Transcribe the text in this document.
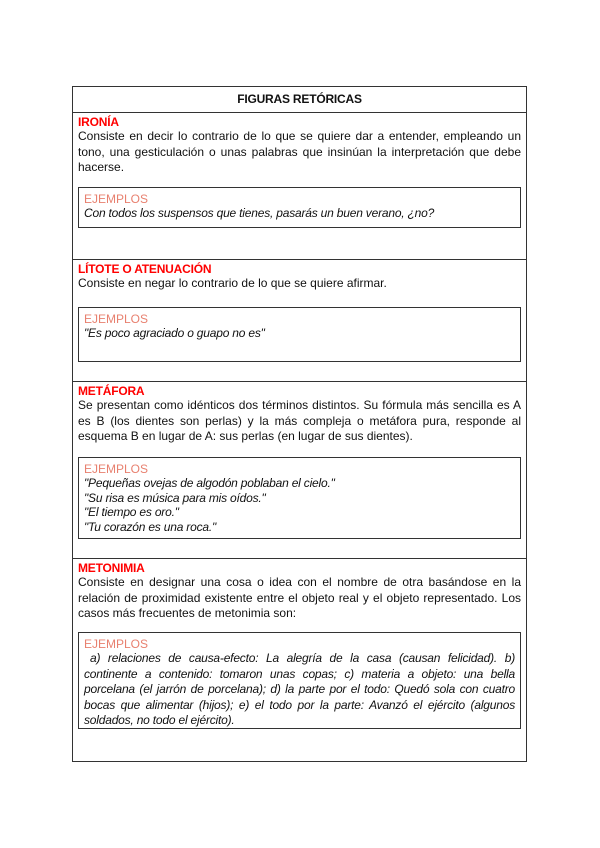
FIGURAS RETÓRICAS
IRONÍA

Consiste en decir lo contrario de lo que se quiere dar a entender, empleando un tono, una gesticulación o unas palabras que insinúan la interpretación que debe hacerse.

EJEMPLOS
Con todos los suspensos que tienes, pasarás un buen verano, ¿no?
LÍTOTE O ATENUACIÓN

Consiste en negar lo contrario de lo que se quiere afirmar.

EJEMPLOS
"Es poco agraciado o guapo no es"
METÁFORA

Se presentan como idénticos dos términos distintos. Su fórmula más sencilla es A es B (los dientes son perlas) y la más compleja o metáfora pura, responde al esquema B en lugar de A: sus perlas (en lugar de sus dientes).

EJEMPLOS
"Pequeñas ovejas de algodón poblaban el cielo."
"Su risa es música para mis oídos."
"El tiempo es oro."
"Tu corazón es una roca."
METONIMIA

Consiste en designar una cosa o idea con el nombre de otra basándose en la relación de proximidad existente entre el objeto real y el objeto representado. Los casos más frecuentes de metonimia son:

EJEMPLOS
a) relaciones de causa-efecto: La alegría de la casa (causan felicidad). b) continente a contenido: tomaron unas copas; c) materia a objeto: una bella porcelana (el jarrón de porcelana); d) la parte por el todo: Quedó sola con cuatro bocas que alimentar (hijos); e) el todo por la parte: Avanzó el ejército (algunos soldados, no todo el ejército).
